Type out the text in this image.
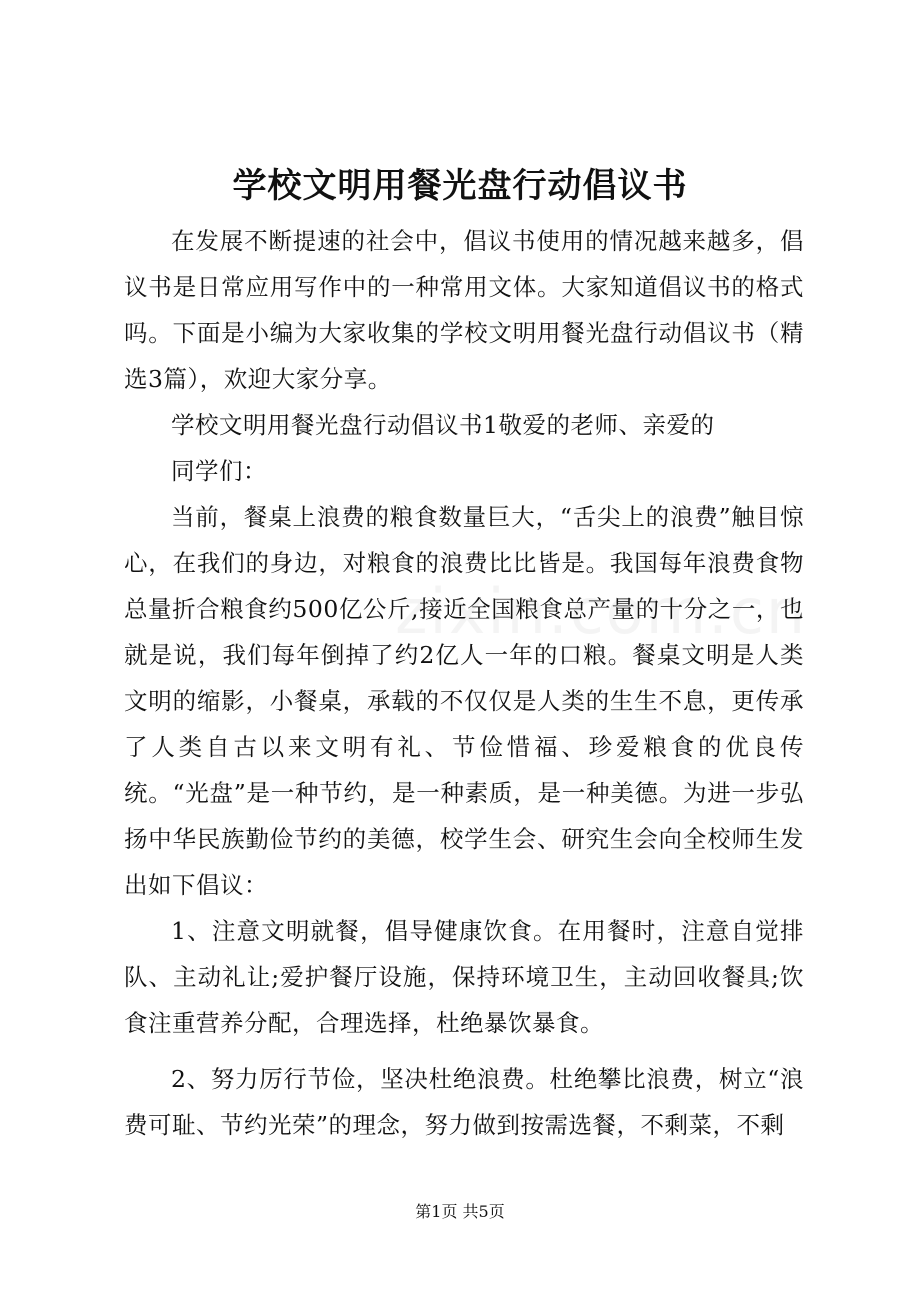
学校文明用餐光盘行动倡议书

在发展不断提速的社会中，倡议书使用的情况越来越多，倡议书是日常应用写作中的一种常用文体。大家知道倡议书的格式吗。下面是小编为大家收集的学校文明用餐光盘行动倡议书（精选3篇），欢迎大家分享。

学校文明用餐光盘行动倡议书1敬爱的老师、亲爱的

同学们：

当前，餐桌上浪费的粮食数量巨大，“舌尖上的浪费”触目惊心，在我们的身边，对粮食的浪费比比皆是。我国每年浪费食物总量折合粮食约500亿公斤,接近全国粮食总产量的十分之一，也就是说，我们每年倒掉了约2亿人一年的口粮。餐桌文明是人类文明的缩影，小餐桌，承载的不仅仅是人类的生生不息，更传承了人类自古以来文明有礼、节俭惜福、珍爱粮食的优良传统。“光盘”是一种节约，是一种素质，是一种美德。为进一步弘扬中华民族勤俭节约的美德，校学生会、研究生会向全校师生发出如下倡议：

1、注意文明就餐，倡导健康饮食。在用餐时，注意自觉排队、主动礼让;爱护餐厅设施，保持环境卫生，主动回收餐具;饮食注重营养分配，合理选择，杜绝暴饮暴食。

2、努力厉行节俭，坚决杜绝浪费。杜绝攀比浪费，树立“浪费可耻、节约光荣”的理念，努力做到按需选餐，不剩菜，不剩

第1页 共5页
